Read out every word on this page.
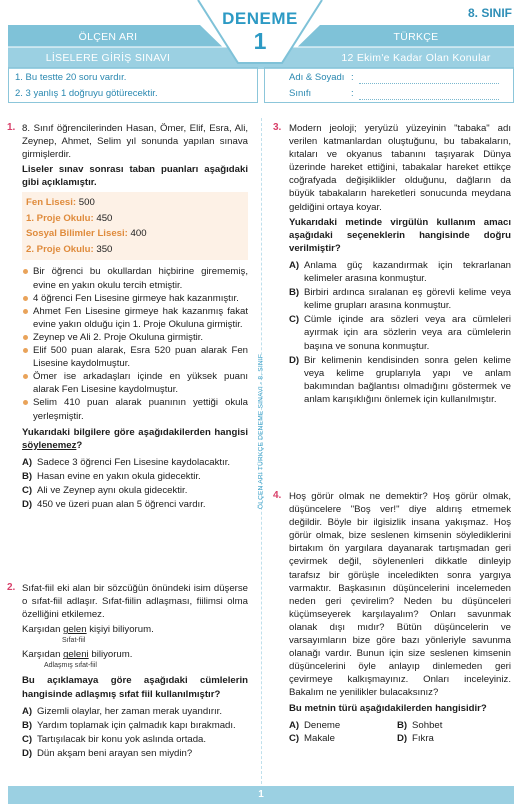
8. SINIF
ÖLÇEN ARI
LİSELERE GİRİŞ SINAVI
TÜRKÇE
12 Ekim'e Kadar Olan Konular
DENEME
1
1. Bu testte 20 soru vardır.
2. 3 yanlış 1 doğruyu götürecektir.
Adı & Soyadı :
Sınıfı	:
ÖLÇEN ARI TÜRKÇE DENEME SINAVI - 8. SINIF
1. 8. Sınıf öğrencilerinden Hasan, Ömer, Elif, Esra, Ali, Zeynep, Ahmet, Selim yıl sonunda yapılan sınava girmişlerdir.

Liseler sınav sonrası taban puanları aşağıdaki gibi açıklamıştır.

Fen Lisesi: 500
1. Proje Okulu: 450
Sosyal Bilimler Lisesi: 400
2. Proje Okulu: 350
Bir öğrenci bu okullardan hiçbirine girememiş, evine en yakın okulu tercih etmiştir.
4 öğrenci Fen Lisesine girmeye hak kazanmıştır.
Ahmet Fen Lisesine girmeye hak kazanmış fakat evine yakın olduğu için 1. Proje Okuluna girmiştir.
Zeynep ve Ali 2. Proje Okuluna girmiştir.
Elif 500 puan alarak, Esra 520 puan alarak Fen Lisesine kaydolmuştur.
Ömer ise arkadaşları içinde en yüksek puanı alarak Fen Lisesine kaydolmuştur.
Selim 410 puan alarak puanının yettiği okula yerleşmiştir.

Yukarıdaki bilgilere göre aşağıdakilerden hangisi söylenemez?

A) Sadece 3 öğrenci Fen Lisesine kaydolacaktır.
B) Hasan evine en yakın okula gidecektir.
C) Ali ve Zeynep aynı okula gidecektir.
D) 450 ve üzeri puan alan 5 öğrenci vardır.
2. Sıfat-fiil eki alan bir sözcüğün önündeki isim düşerse o sıfat-fiil adlaşır. Sıfat-fiilin adlaşması, fiilimsi olma özelliğini etkilemez.

Karşıdan gelen kişiyi biliyorum.
Sıfat-fiil
Karşıdan geleni biliyorum.
Adlaşmış sıfat-fiil

Bu açıklamaya göre aşağıdaki cümlelerin hangisinde adlaşmış sıfat fiil kullanılmıştır?

A) Gizemli olaylar, her zaman merak uyandırır.
B) Yardım toplamak için çalmadık kapı bırakmadı.
C) Tartışılacak bir konu yok aslında ortada.
D) Dün akşam beni arayan sen miydin?
3. Modern jeoloji; yeryüzü yüzeyinin "tabaka" adı verilen katmanlardan oluştuğunu, bu tabakaların, kıtaları ve okyanus tabanını taşıyarak Dünya üzerinde hareket ettiğini, tabakalar hareket ettikçe coğrafyada değişiklikler olduğunu, dağların da büyük tabakaların hareketleri sonucunda meydana geldiğini ortaya koyar.

Yukarıdaki metinde virgülün kullanım amacı aşağıdaki seçeneklerin hangisinde doğru verilmiştir?

A) Anlama güç kazandırmak için tekrarlanan kelimeler arasına konmuştur.
B) Birbiri ardınca sıralanan eş görevli kelime veya kelime grupları arasına konmuştur.
C) Cümle içinde ara sözleri veya ara cümleleri ayırmak için ara sözlerin veya ara cümlelerin başına ve sonuna konmuştur.
D) Bir kelimenin kendisinden sonra gelen kelime veya kelime gruplarıyla yapı ve anlam bakımından bağlantısı olmadığını göstermek ve anlam karışıklığını önlemek için kullanılmıştır.
4. Hoş görür olmak ne demektir? Hoş görür olmak, düşüncelere "Boş ver!" diye aldırış etmemek değildir. Böyle bir ilgisizlik insana yakışmaz. Hoş görür olmak, bize seslenen kimsenin söylediklerini birtakım ön yargılara dayanarak tartışmadan geri çevirmek değil, söylenenleri dikkatle dinleyip tarafsız bir görüşle inceledikten sonra yargıya varmaktır. Başkasının düşüncelerini incelemeden neden geri çevirelim? Neden bu düşünceleri küçümseyerek karşılayalım? Onları savunmak olanak dışı mıdır? Bütün düşüncelerin ve varsayımların bize göre bazı yönleriyle savunma olanağı vardır. Bunun için size seslenen kimsenin düşüncelerini öyle anlayıp dinlemeden geri çevirmeye kalkışmayınız. Onları inceleyiniz. Bakalım ne yenilikler bulacaksınız?

Bu metnin türü aşağıdakilerden hangisidir?

A) Deneme	B) Sohbet
C) Makale	D) Fıkra
1
